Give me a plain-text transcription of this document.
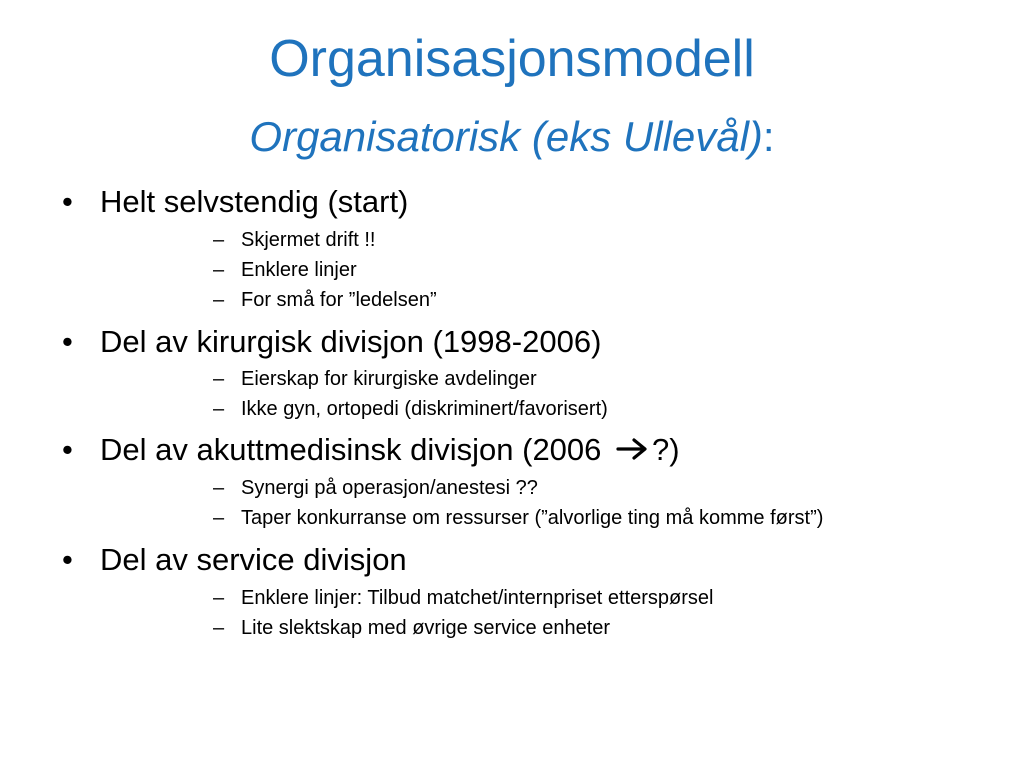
Organisasjonsmodell
Organisatorisk (eks Ullevål):
• Helt selvstendig (start)
– Skjermet drift !!
– Enklere linjer
– For små for ”ledelsen”
• Del av kirurgisk divisjon (1998-2006)
– Eierskap for kirurgiske avdelinger
– Ikke gyn, ortopedi (diskriminert/favorisert)
• Del av akuttmedisinsk divisjon (2006 ?)
– Synergi på operasjon/anestesi ??
– Taper konkurranse om ressurser (”alvorlige ting må komme først”)
• Del av service divisjon
– Enklere linjer: Tilbud matchet/internpriset etterspørsel
– Lite slektskap med øvrige service enheter
